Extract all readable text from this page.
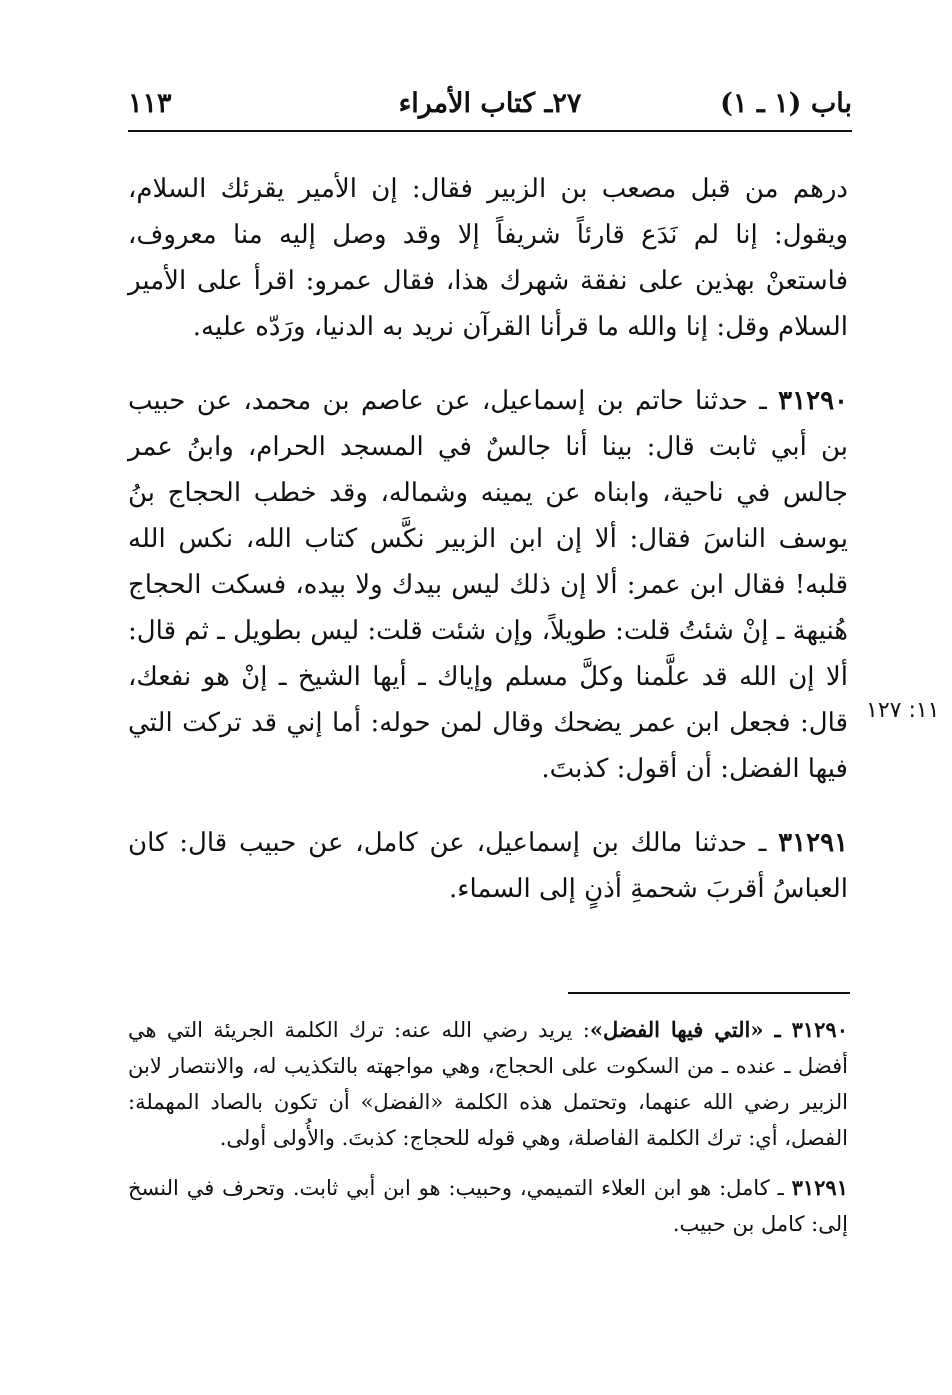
باب (١ ـ ١)
٢٧ـ كتاب الأمراء
١١٣

درهم من قبل مصعب بن الزبير فقال: إن الأمير يقرئك السلام، ويقول: إنا لم نَدَع قارئاً شريفاً إلا وقد وصل إليه منا معروف، فاستعنْ بهذين على نفقة شهرك هذا، فقال عمرو: اقرأ على الأمير السلام وقل: إنا والله ما قرأنا القرآن نريد به الدنيا، ورَدّه عليه.

٣١٢٩٠ ـ حدثنا حاتم بن إسماعيل، عن عاصم بن محمد، عن حبيب بن أبي ثابت قال: بينا أنا جالسٌ في المسجد الحرام، وابنُ عمر جالس في ناحية، وابناه عن يمينه وشماله، وقد خطب الحجاج بنُ يوسف الناسَ فقال: ألا إن ابن الزبير نكَّس كتاب الله، نكس الله قلبه! فقال ابن عمر: ألا إن ذلك ليس بيدك ولا بيده، فسكت الحجاج هُنيهة ـ إنْ شئتُ قلت: طويلاً، وإن شئت قلت: ليس بطويل ـ ثم قال: ألا إن الله قد علَّمنا وكلَّ مسلم وإياك ـ أيها الشيخ ـ إنْ هو نفعك، قال: فجعل ابن عمر يضحك وقال لمن حوله: أما إني قد تركت التي فيها الفضل: أن أقول: كذبتَ.

٣١٢٩١ ـ حدثنا مالك بن إسماعيل، عن كامل، عن حبيب قال: كان العباسُ أقربَ شحمةِ أذنٍ إلى السماء.

١١: ١٢٧

٣١٢٩٠ ـ «التي فيها الفضل»: يريد رضي الله عنه: ترك الكلمة الجريئة التي هي أفضل ـ عنده ـ من السكوت على الحجاج، وهي مواجهته بالتكذيب له، والانتصار لابن الزبير رضي الله عنهما، وتحتمل هذه الكلمة «الفضل» أن تكون بالصاد المهملة: الفصل، أي: ترك الكلمة الفاصلة، وهي قوله للحجاج: كذبتَ. والأُولى أولى.

٣١٢٩١ ـ كامل: هو ابن العلاء التميمي، وحبيب: هو ابن أبي ثابت. وتحرف في النسخ إلى: كامل بن حبيب.
